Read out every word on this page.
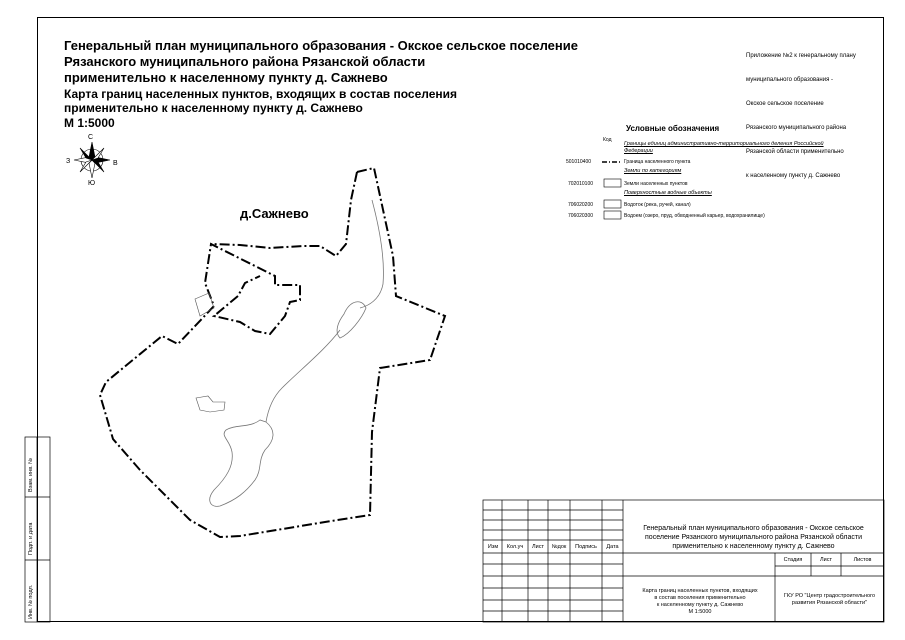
Генеральный план муниципального образования - Окское сельское поселение
Рязанского муниципального района Рязанской области
применительно к населенному пункту д. Сажнево
Карта границ населенных пунктов, входящих в состав поселения
применительно к населенному пункту д. Сажнево
М 1:5000

Приложение №2 к генеральному плану

муниципального образования -

Окское сельское поселение

Рязанского муниципального района

Рязанской области применительно

к населенному пункту д. Сажнево

Условные обозначения
Код
Границы единиц административно-территориального деления Российской Федерации
501010400	Граница населенного пункта
Земли по категориям
702010100	Земли населенных пунктов
Поверхностные водные объекты
706020200	Водоток (река, ручей, канал)
706020300	Водоем (озеро, пруд, обводненный карьер, водохранилище)
д.Сажнево
С
Ю
З	В
Взам. инв. №
Подп. и дата
Инв. № подл.
Изм	Кол.уч	Лист	№док	Подпись	Дата
Генеральный план муниципального образования - Окское сельское
поселение Рязанского муниципального района Рязанской области
применительно к населенному пункту д. Сажнево
Стадия	Лист	Листов
Карта границ населенных пунктов, входящих
в состав поселения применительно
к населенному пункту д. Сажнево
М 1:5000
ГКУ РО "Центр градостроительного
развития Рязанской области"
